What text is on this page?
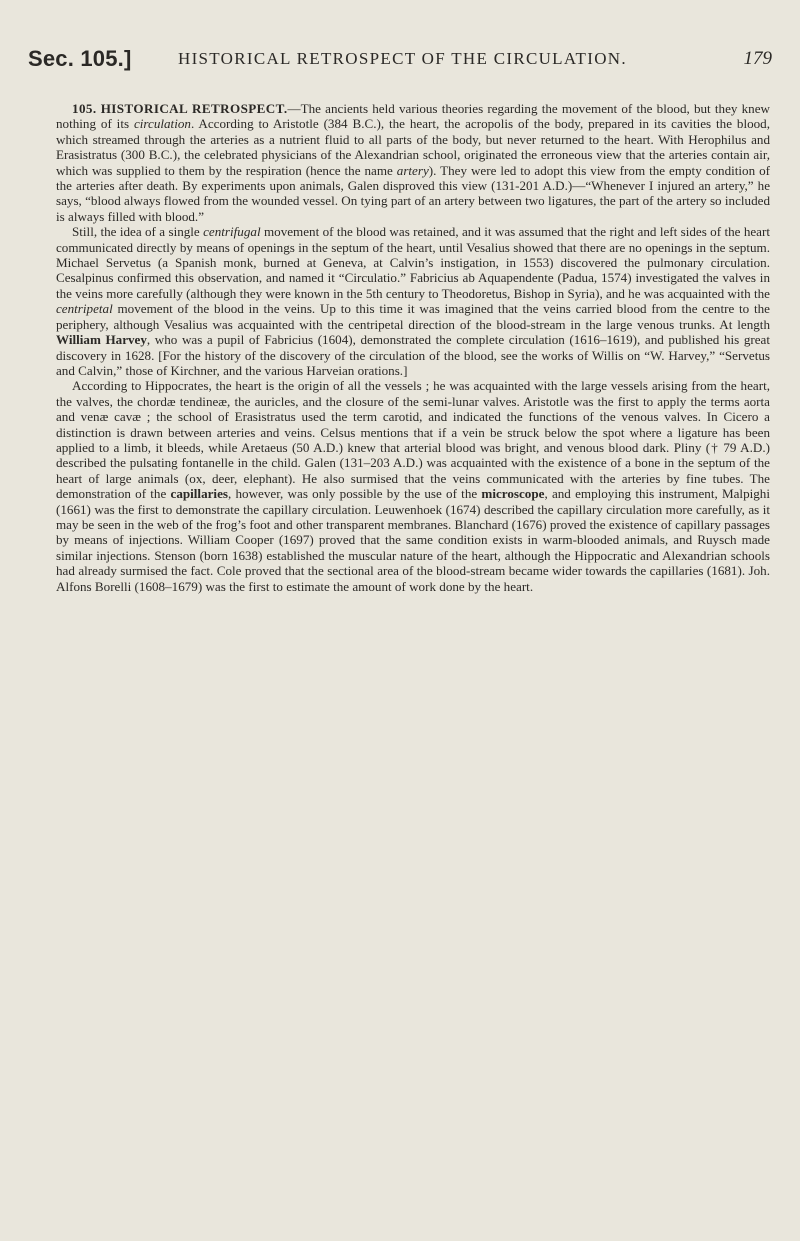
Sec. 105.]	HISTORICAL RETROSPECT OF THE CIRCULATION.	179

105. HISTORICAL RETROSPECT.—The ancients held various theories regarding the movement of the blood, but they knew nothing of its circulation. According to Aristotle (384 B.C.), the heart, the acropolis of the body, prepared in its cavities the blood, which streamed through the arteries as a nutrient fluid to all parts of the body, but never returned to the heart. With Herophilus and Erasistratus (300 B.C.), the celebrated physicians of the Alexandrian school, originated the erroneous view that the arteries contain air, which was supplied to them by the respiration (hence the name artery). They were led to adopt this view from the empty condition of the arteries after death. By experiments upon animals, Galen disproved this view (131-201 A.D.)—“Whenever I injured an artery,” he says, “blood always flowed from the wounded vessel. On tying part of an artery between two ligatures, the part of the artery so included is always filled with blood.”

Still, the idea of a single centrifugal movement of the blood was retained, and it was assumed that the right and left sides of the heart communicated directly by means of openings in the septum of the heart, until Vesalius showed that there are no openings in the septum. Michael Servetus (a Spanish monk, burned at Geneva, at Calvin’s instigation, in 1553) discovered the pulmonary circulation. Cesalpinus confirmed this observation, and named it “Circulatio.” Fabricius ab Aquapendente (Padua, 1574) investigated the valves in the veins more carefully (although they were known in the 5th century to Theodoretus, Bishop in Syria), and he was acquainted with the centripetal movement of the blood in the veins. Up to this time it was imagined that the veins carried blood from the centre to the periphery, although Vesalius was acquainted with the centripetal direction of the blood-stream in the large venous trunks. At length William Harvey, who was a pupil of Fabricius (1604), demonstrated the complete circulation (1616–1619), and published his great discovery in 1628. [For the history of the discovery of the circulation of the blood, see the works of Willis on “W. Harvey,” “Servetus and Calvin,” those of Kirchner, and the various Harveian orations.]

According to Hippocrates, the heart is the origin of all the vessels ; he was acquainted with the large vessels arising from the heart, the valves, the chordæ tendineæ, the auricles, and the closure of the semi-lunar valves. Aristotle was the first to apply the terms aorta and venæ cavæ ; the school of Erasistratus used the term carotid, and indicated the functions of the venous valves. In Cicero a distinction is drawn between arteries and veins. Celsus mentions that if a vein be struck below the spot where a ligature has been applied to a limb, it bleeds, while Aretaeus (50 A.D.) knew that arterial blood was bright, and venous blood dark. Pliny († 79 A.D.) described the pulsating fontanelle in the child. Galen (131–203 A.D.) was acquainted with the existence of a bone in the septum of the heart of large animals (ox, deer, elephant). He also surmised that the veins communicated with the arteries by fine tubes. The demonstration of the capillaries, however, was only possible by the use of the microscope, and employing this instrument, Malpighi (1661) was the first to demonstrate the capillary circulation. Leuwenhoek (1674) described the capillary circulation more carefully, as it may be seen in the web of the frog’s foot and other transparent membranes. Blanchard (1676) proved the existence of capillary passages by means of injections. William Cooper (1697) proved that the same condition exists in warm-blooded animals, and Ruysch made similar injections. Stenson (born 1638) established the muscular nature of the heart, although the Hippocratic and Alexandrian schools had already surmised the fact. Cole proved that the sectional area of the blood-stream became wider towards the capillaries (1681). Joh. Alfons Borelli (1608–1679) was the first to estimate the amount of work done by the heart.
